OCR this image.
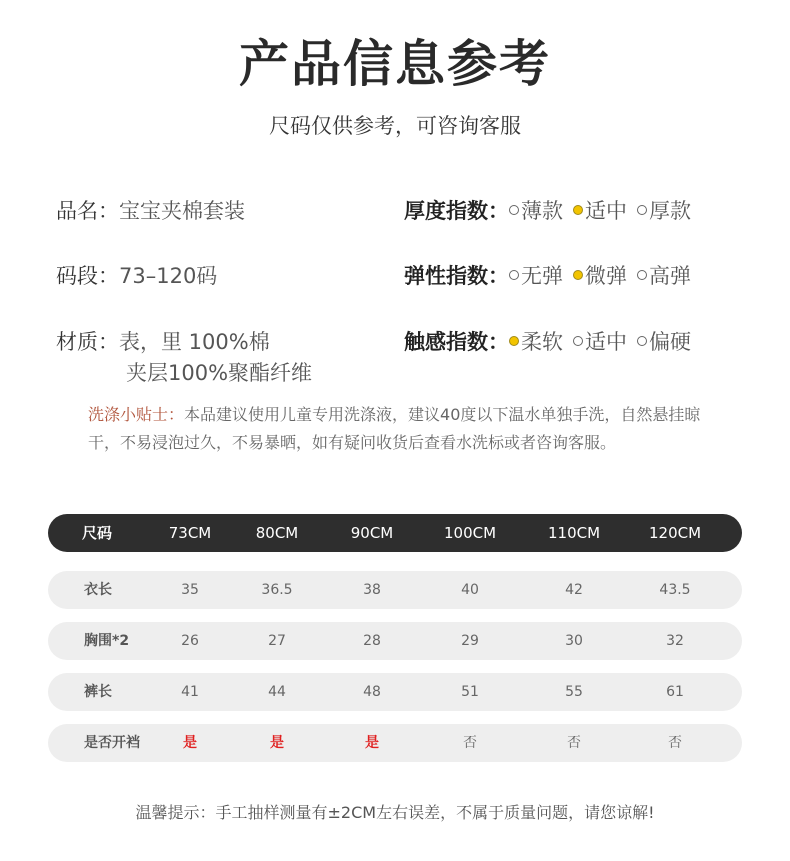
产品信息参考
尺码仅供参考，可咨询客服
品名：宝宝夹棉套装
码段：73–120码
材质：表，里 100%棉
夹层100%聚酯纤维
厚度指数： 薄款 适中 厚款
弹性指数： 无弹 微弹 高弹
触感指数： 柔软 适中 偏硬
洗涤小贴士：本品建议使用儿童专用洗涤液，建议40度以下温水单独手洗，自然悬挂晾干，不易浸泡过久，不易暴晒，如有疑问收货后查看水洗标或者咨询客服。
尺码	73CM	80CM	90CM	100CM	110CM	120CM
衣长	35	36.5	38	40	42	43.5
胸围*2	26	27	28	29	30	32
裤长	41	44	48	51	55	61
是否开裆	是	是	是	否	否	否
温馨提示：手工抽样测量有±2CM左右误差，不属于质量问题，请您谅解!
